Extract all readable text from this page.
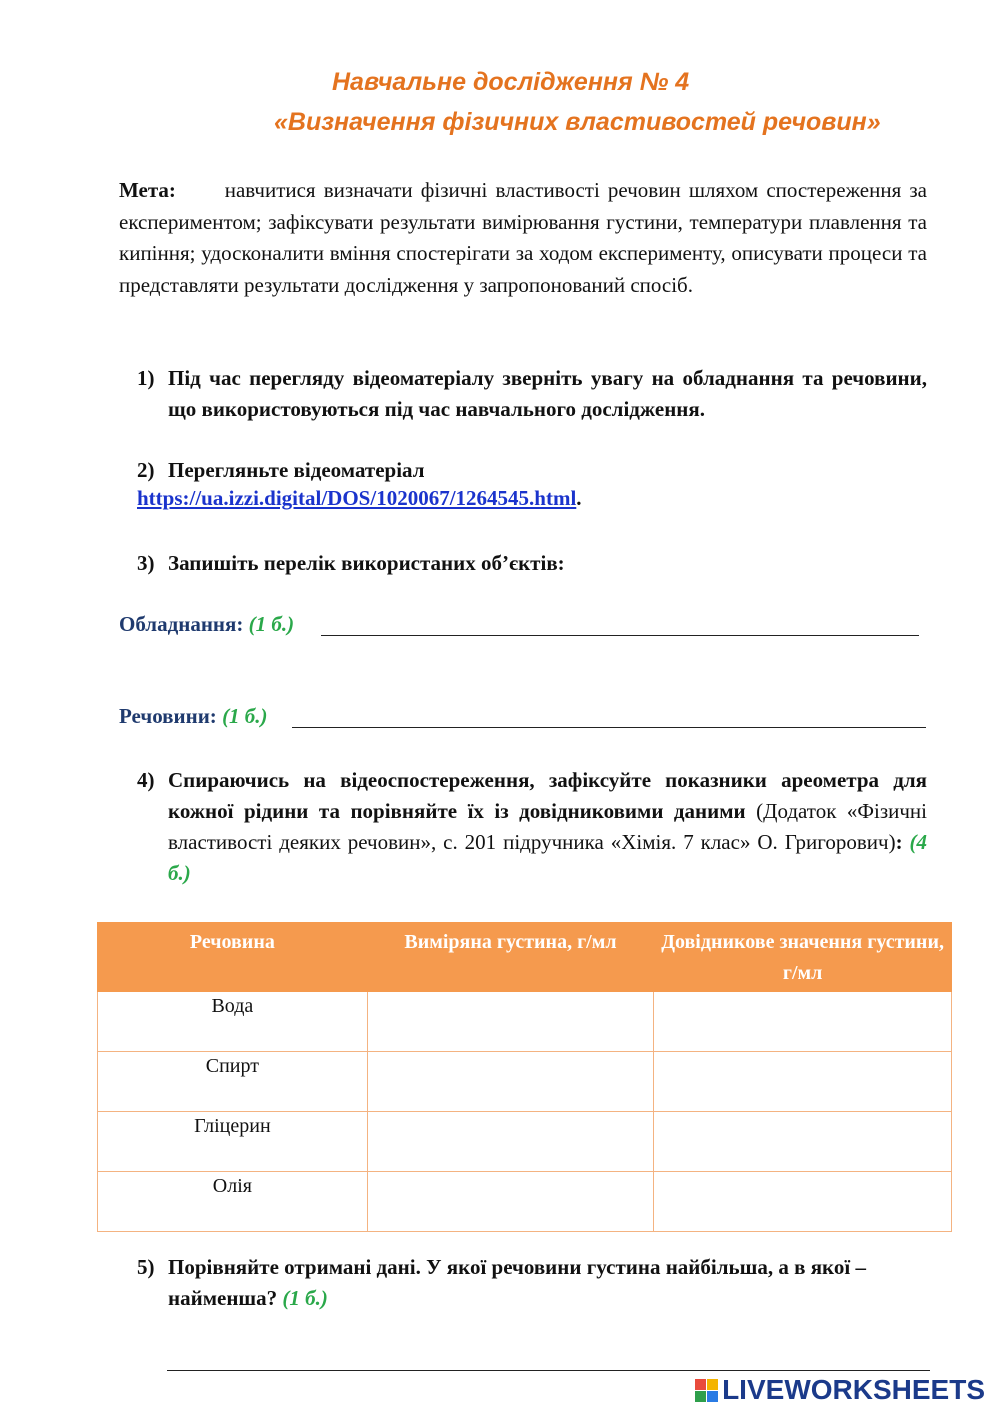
Навчальне дослідження № 4
«Визначення фізичних властивостей речовин»
Мета: навчитися визначати фізичні властивості речовин шляхом спостереження за експериментом; зафіксувати результати вимірювання густини, температури плавлення та кипіння; удосконалити вміння спостерігати за ходом експерименту, описувати процеси та представляти результати дослідження у запропонований спосіб.
1) Під час перегляду відеоматеріалу зверніть увагу на обладнання та речовини, що використовуються під час навчального дослідження.
2) Перегляньте відеоматеріал
https://ua.izzi.digital/DOS/1020067/1264545.html.
3) Запишіть перелік використаних об’єктів:
Обладнання: (1 б.)
Речовини: (1 б.)
4) Спираючись на відеоспостереження, зафіксуйте показники ареометра для кожної рідини та порівняйте їх із довідниковими даними (Додаток «Фізичні властивості деяких речовин», с. 201 підручника «Хімія. 7 клас» О. Григорович): (4 б.)
Речовина	Виміряна густина, г/мл	Довідникове значення густини, г/мл
Вода		
Спирт		
Гліцерин		
Олія		
5) Порівняйте отримані дані. У якої речовини густина найбільша, а в якої – найменша? (1 б.)
LIVEWORKSHEETS
